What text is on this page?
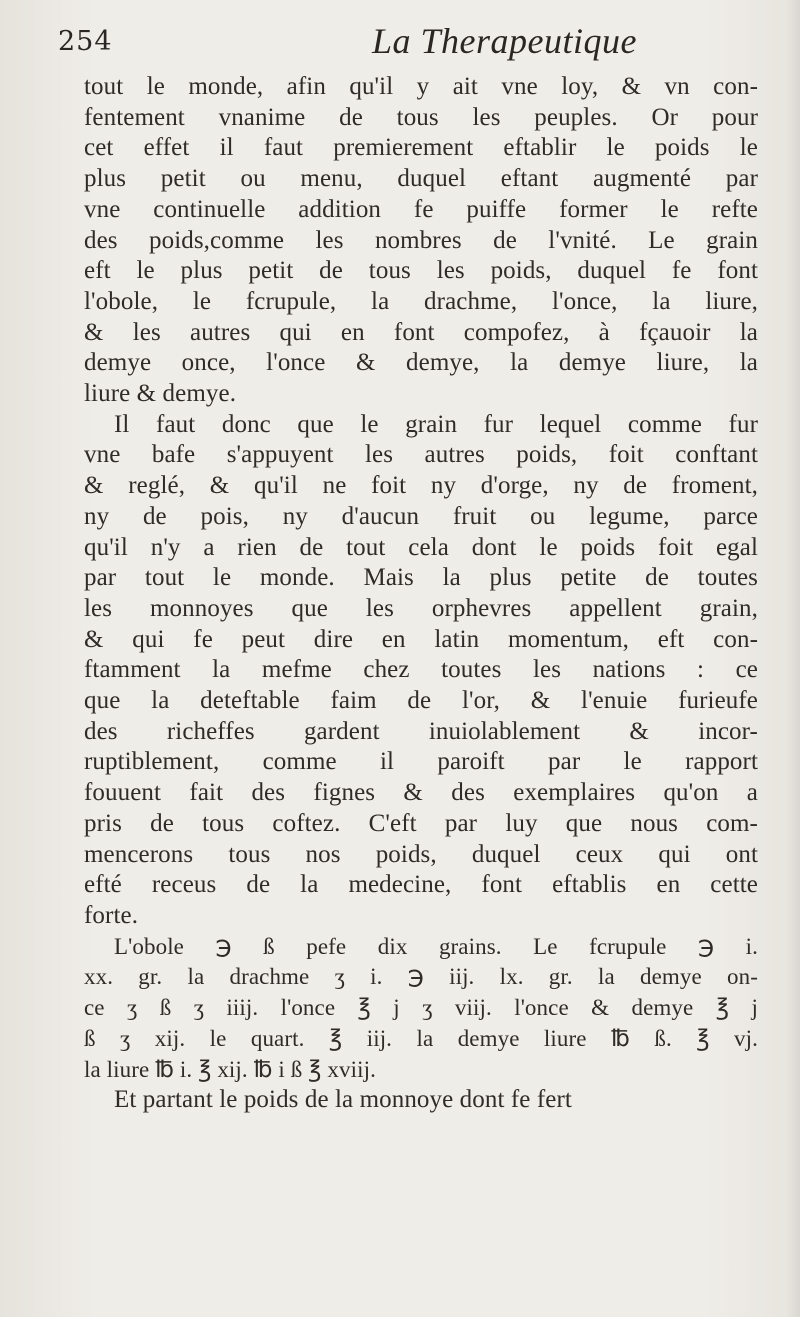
254	La Therapeutique
tout le monde, afin qu'il y ait vne loy, & vn con-
fentement vnanime de tous les peuples. Or pour
cet effet il faut premierement eftablir le poids le
plus petit ou menu, duquel eftant augmenté par
vne continuelle addition fe puiffe former le refte
des poids,comme les nombres de l'vnité. Le grain
eft le plus petit de tous les poids, duquel fe font
l'obole, le fcrupule, la drachme, l'once, la liure,
& les autres qui en font compofez, à fçauoir la
demye once, l'once & demye, la demye liure, la
liure & demye.
Il faut donc que le grain fur lequel comme fur
vne bafe s'appuyent les autres poids, foit conftant
& reglé, & qu'il ne foit ny d'orge, ny de froment,
ny de pois, ny d'aucun fruit ou legume, parce
qu'il n'y a rien de tout cela dont le poids foit egal
par tout le monde. Mais la plus petite de toutes
les monnoyes que les orphevres appellent grain,
& qui fe peut dire en latin momentum, eft con-
ftamment la mefme chez toutes les nations : ce
que la deteftable faim de l'or, & l'enuie furieufe
des richeffes gardent inuiolablement & incor-
ruptiblement, comme il paroift par le rapport
fouuent fait des fignes & des exemplaires qu'on a
pris de tous coftez. C'eft par luy que nous com-
mencerons tous nos poids, duquel ceux qui ont
efté receus de la medecine, font eftablis en cette
forte.
L'obole ℈ ß pefe dix grains. Le fcrupule ℈ i.
xx. gr. la drachme ʒ i. ℈ iij. lx. gr. la demye on-
ce ʒ ß ʒ iiij. l'once ℥ j ʒ viij. l'once & demye ℥ j
ß ʒ xij. le quart. ℥ iij. la demye liure ℔ ß. ℥ vj.
la liure ℔ i. ℥ xij. ℔ i ß ℥ xviij.
Et partant le poids de la monnoye dont fe fert
